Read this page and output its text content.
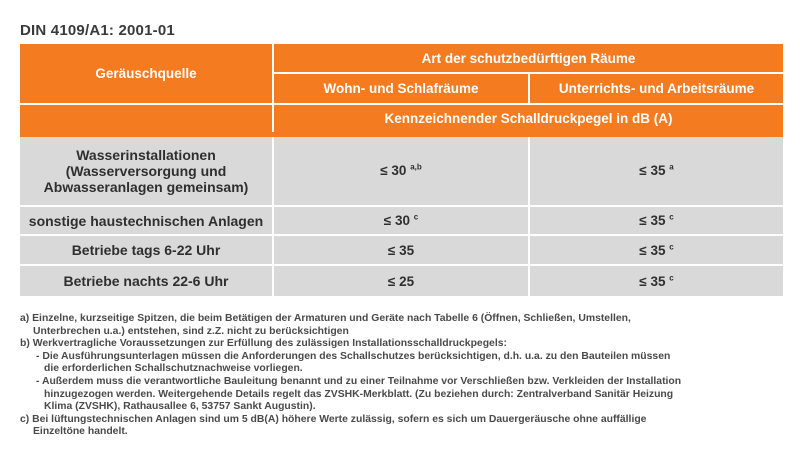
DIN 4109/A1: 2001-01
Geräuschquelle	Art der schutzbedürftigen Räume	
	Wohn- und Schlafräume	Unterrichts- und Arbeitsräume
	Kennzeichnender Schalldruckpegel in dB (A)	

Wasserinstallationen
(Wasserversorgung und
Abwasseranlagen gemeinsam)	≤ 30 $^{a,b}$	≤ 35 $^a$
sonstige haustechnischen Anlagen	≤ 30 $^c$	≤ 35 $^c$
Betriebe tags 6-22 Uhr	≤ 35	≤ 35 $^c$
Betriebe nachts 22-6 Uhr	≤ 25	≤ 35 $^c$
a) Einzelne, kurzseitige Spitzen, die beim Betätigen der Armaturen und Geräte nach Tabelle 6 (Öffnen, Schließen, Umstellen,
Unterbrechen u.a.) entstehen, sind z.Z. nicht zu berücksichtigen
b) Werkvertragliche Voraussetzungen zur Erfüllung des zulässigen Installationsschalldruckpegels:
- Die Ausführungsunterlagen müssen die Anforderungen des Schallschutzes berücksichtigen, d.h. u.a. zu den Bauteilen müssen
die erforderlichen Schallschutznachweise vorliegen.
- Außerdem muss die verantwortliche Bauleitung benannt und zu einer Teilnahme vor Verschließen bzw. Verkleiden der Installation
hinzugezogen werden. Weitergehende Details regelt das ZVSHK-Merkblatt. (Zu beziehen durch: Zentralverband Sanitär Heizung
Klima (ZVSHK), Rathausallee 6, 53757 Sankt Augustin).
c) Bei lüftungstechnischen Anlagen sind um 5 dB(A) höhere Werte zulässig, sofern es sich um Dauergeräusche ohne auffällige
Einzeltöne handelt.
